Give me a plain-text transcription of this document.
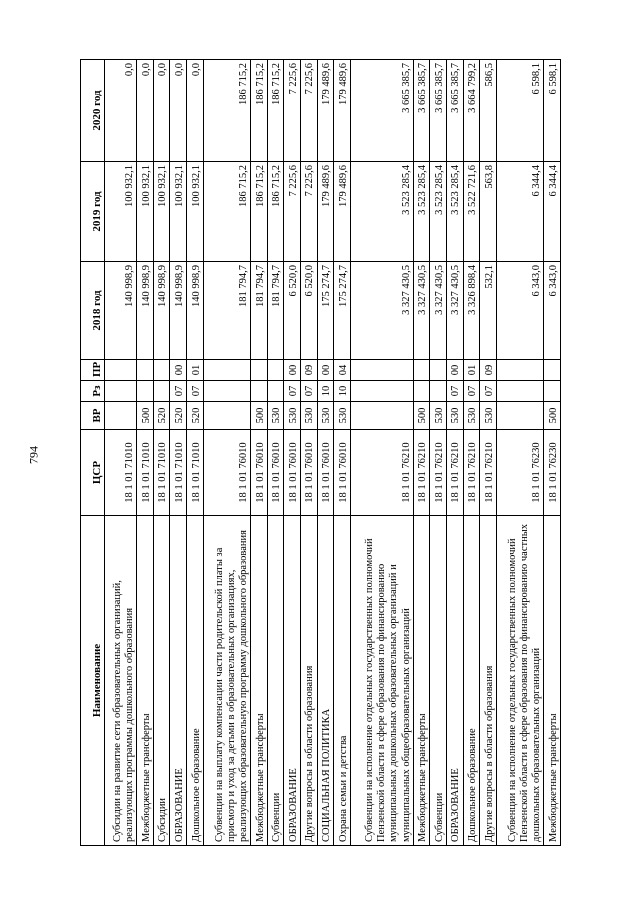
794
Наименование	ЦСР	ВР	Рз	ПР	2018 год	2019 год	2020 год
Субсидии на развитие сети образовательных организаций, реализующих программы дошкольного образования	18 1 01 71010				140 998,9	100 932,1	0,0
Межбюджетные трансферты	18 1 01 71010	500			140 998,9	100 932,1	0,0
Субсидии	18 1 01 71010	520			140 998,9	100 932,1	0,0
ОБРАЗОВАНИЕ	18 1 01 71010	520	07	00	140 998,9	100 932,1	0,0
Дошкольное образование	18 1 01 71010	520	07	01	140 998,9	100 932,1	0,0
Субвенции на выплату компенсации части родительской платы за присмотр и уход за детьми в образовательных организациях, реализующих образовательную программу дошкольного образования	18 1 01 76010				181 794,7	186 715,2	186 715,2
Межбюджетные трансферты	18 1 01 76010	500			181 794,7	186 715,2	186 715,2
Субвенции	18 1 01 76010	530			181 794,7	186 715,2	186 715,2
ОБРАЗОВАНИЕ	18 1 01 76010	530	07	00	6 520,0	7 225,6	7 225,6
Другие вопросы в области образования	18 1 01 76010	530	07	09	6 520,0	7 225,6	7 225,6
СОЦИАЛЬНАЯ ПОЛИТИКА	18 1 01 76010	530	10	00	175 274,7	179 489,6	179 489,6
Охрана семьи и детства	18 1 01 76010	530	10	04	175 274,7	179 489,6	179 489,6
Субвенции на исполнение отдельных государственных полномочий Пензенской области в сфере образования по финансированию муниципальных дошкольных образовательных организаций и муниципальных общеобразовательных организаций	18 1 01 76210				3 327 430,5	3 523 285,4	3 665 385,7
Межбюджетные трансферты	18 1 01 76210	500			3 327 430,5	3 523 285,4	3 665 385,7
Субвенции	18 1 01 76210	530			3 327 430,5	3 523 285,4	3 665 385,7
ОБРАЗОВАНИЕ	18 1 01 76210	530	07	00	3 327 430,5	3 523 285,4	3 665 385,7
Дошкольное образование	18 1 01 76210	530	07	01	3 326 898,4	3 522 721,6	3 664 799,2
Другие вопросы в области образования	18 1 01 76210	530	07	09	532,1	563,8	586,5
Субвенции на исполнение отдельных государственных полномочий Пензенской области в сфере образования по финансированию частных дошкольных образовательных организаций	18 1 01 76230				6 343,0	6 344,4	6 598,1
Межбюджетные трансферты	18 1 01 76230	500			6 343,0	6 344,4	6 598,1
